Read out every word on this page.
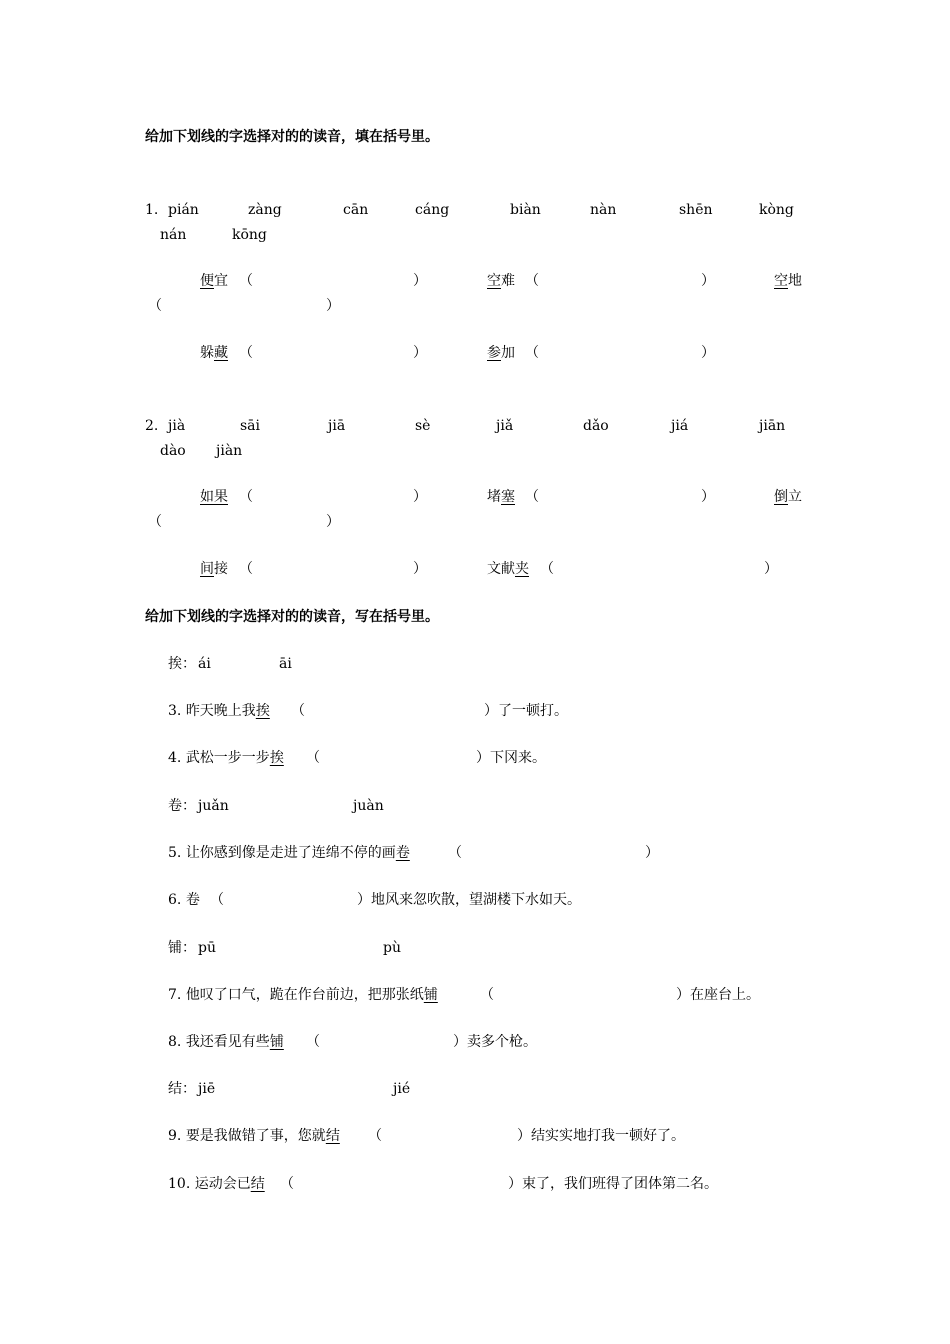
给加下划线的字选择对的的读音，填在括号里。
1. pián	zàng	cān	cáng	biàn	nàn	shēn	kòng
nán	kōng
便宜 （	）	空难 （	）	空地
（	）
躲藏 （	）	参加 （	）
2. jià	sāi	jiā	sè	jiǎ	dǎo	jiá	jiān
dào jiàn
如果 （	）	堵塞 （	）	倒立
（	）
间接 （	）	文献夹 （	）
给加下划线的字选择对的的读音，写在括号里。
挨： ái	āi
3. 昨天晚上我挨 （	）了一顿打。
4. 武松一步一步挨 （	）下冈来。
卷： juǎn	juàn
5. 让你感到像是走进了连绵不停的画卷	（	）
6. 卷 （	）地风来忽吹散，望湖楼下水如天。
铺： pū	pù
7. 他叹了口气，跪在作台前边，把那张纸铺	（	）在座台上。
8. 我还看见有些铺 （	）卖多个枪。
结： jiē	jié
9. 要是我做错了事，您就结 （	）结实实地打我一顿好了。
10. 运动会已结 （	）束了，我们班得了团体第二名。
